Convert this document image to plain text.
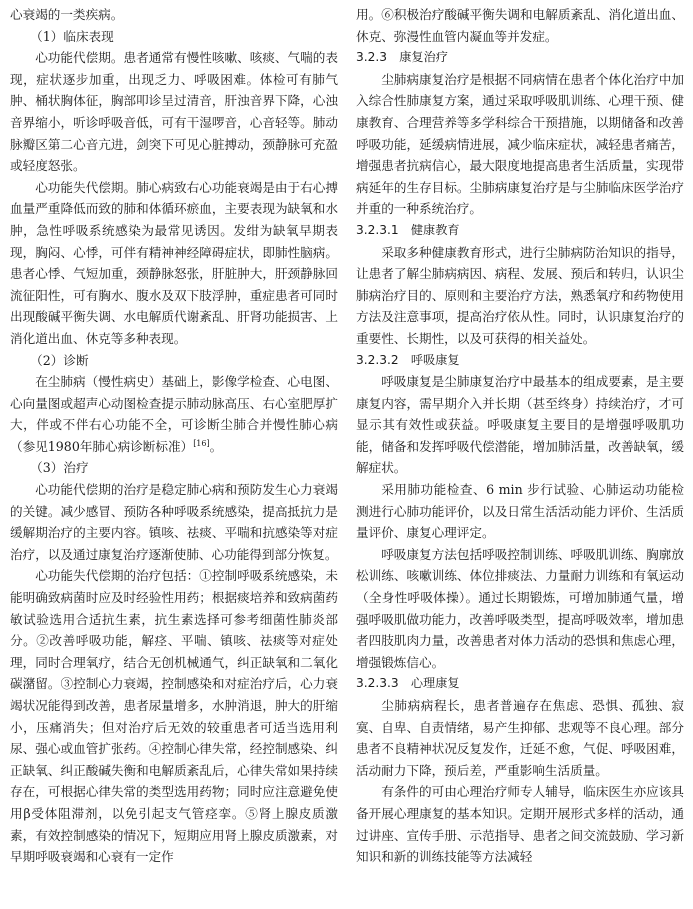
心衰竭的一类疾病。

（1）临床表现

心功能代偿期。患者通常有慢性咳嗽、咳痰、气喘的表现，症状逐步加重，出现乏力、呼吸困难。体检可有肺气肿、桶状胸体征，胸部叩诊呈过清音，肝浊音界下降，心浊音界缩小，听诊呼吸音低，可有干湿啰音，心音轻等。肺动脉瓣区第二心音亢进，剑突下可见心脏搏动，颈静脉可充盈或轻度怒张。

心功能失代偿期。肺心病致右心功能衰竭是由于右心搏血量严重降低而致的肺和体循环瘀血，主要表现为缺氧和水肿，急性呼吸系统感染为最常见诱因。发绀为缺氧早期表现，胸闷、心悸，可伴有精神神经障碍症状，即肺性脑病。患者心悸、气短加重，颈静脉怒张，肝脏肿大，肝颈静脉回流征阳性，可有胸水、腹水及双下肢浮肿，重症患者可同时出现酸碱平衡失调、水电解质代谢紊乱、肝肾功能损害、上消化道出血、休克等多种表现。

（2）诊断

在尘肺病（慢性病史）基础上，影像学检查、心电图、心向量图或超声心动图检查提示肺动脉高压、右心室肥厚扩大，伴或不伴右心功能不全，可诊断尘肺合并慢性肺心病（参见1980年肺心病诊断标准）[16]。

（3）治疗

心功能代偿期的治疗是稳定肺心病和预防发生心力衰竭的关键。减少感冒、预防各种呼吸系统感染，提高抵抗力是缓解期治疗的主要内容。镇咳、祛痰、平喘和抗感染等对症治疗，以及通过康复治疗逐渐使肺、心功能得到部分恢复。

心功能失代偿期的治疗包括：①控制呼吸系统感染，未能明确致病菌时应及时经验性用药；根据痰培养和致病菌药敏试验选用合适抗生素，抗生素选择可参考细菌性肺炎部分。②改善呼吸功能，解痉、平喘、镇咳、祛痰等对症处理，同时合理氧疗，结合无创机械通气，纠正缺氧和二氧化碳潴留。③控制心力衰竭，控制感染和对症治疗后，心力衰竭状况能得到改善，患者尿量增多，水肿消退，肿大的肝缩小，压痛消失；但对治疗后无效的较重患者可适当选用利尿、强心或血管扩张药。④控制心律失常，经控制感染、纠正缺氧、纠正酸碱失衡和电解质紊乱后，心律失常如果持续存在，可根据心律失常的类型选用药物；同时应注意避免使用β受体阻滞剂，以免引起支气管痉挛。⑤肾上腺皮质激素，有效控制感染的情况下，短期应用肾上腺皮质激素，对早期呼吸衰竭和心衰有一定作

用。⑥积极治疗酸碱平衡失调和电解质紊乱、消化道出血、休克、弥漫性血管内凝血等并发症。

3.2.3　康复治疗

尘肺病康复治疗是根据不同病情在患者个体化治疗中加入综合性肺康复方案，通过采取呼吸肌训练、心理干预、健康教育、合理营养等多学科综合干预措施，以期储备和改善呼吸功能，延缓病情进展，减少临床症状，减轻患者痛苦，增强患者抗病信心，最大限度地提高患者生活质量，实现带病延年的生存目标。尘肺病康复治疗是与尘肺临床医学治疗并重的一种系统治疗。

3.2.3.1　健康教育

采取多种健康教育形式，进行尘肺病防治知识的指导，让患者了解尘肺病病因、病程、发展、预后和转归，认识尘肺病治疗目的、原则和主要治疗方法，熟悉氧疗和药物使用方法及注意事项，提高治疗依从性。同时，认识康复治疗的重要性、长期性，以及可获得的相关益处。

3.2.3.2　呼吸康复

呼吸康复是尘肺康复治疗中最基本的组成要素，是主要康复内容，需早期介入并长期（甚至终身）持续治疗，才可显示其有效性或获益。呼吸康复主要目的是增强呼吸肌功能，储备和发挥呼吸代偿潜能，增加肺活量，改善缺氧，缓解症状。

采用肺功能检查、6 min 步行试验、心肺运动功能检测进行心肺功能评价，以及日常生活活动能力评价、生活质量评价、康复心理评定。

呼吸康复方法包括呼吸控制训练、呼吸肌训练、胸廓放松训练、咳嗽训练、体位排痰法、力量耐力训练和有氧运动（全身性呼吸体操）。通过长期锻炼，可增加肺通气量，增强呼吸肌做功能力，改善呼吸类型，提高呼吸效率，增加患者四肢肌肉力量，改善患者对体力活动的恐惧和焦虑心理，增强锻炼信心。

3.2.3.3　心理康复

尘肺病病程长，患者普遍存在焦虑、恐惧、孤独、寂寞、自卑、自责情绪，易产生抑郁、悲观等不良心理。部分患者不良精神状况反复发作，迁延不愈，气促、呼吸困难，活动耐力下降，预后差，严重影响生活质量。

有条件的可由心理治疗师专人辅导，临床医生亦应该具备开展心理康复的基本知识。定期开展形式多样的活动，通过讲座、宣传手册、示范指导、患者之间交流鼓励、学习新知识和新的训练技能等方法减轻
